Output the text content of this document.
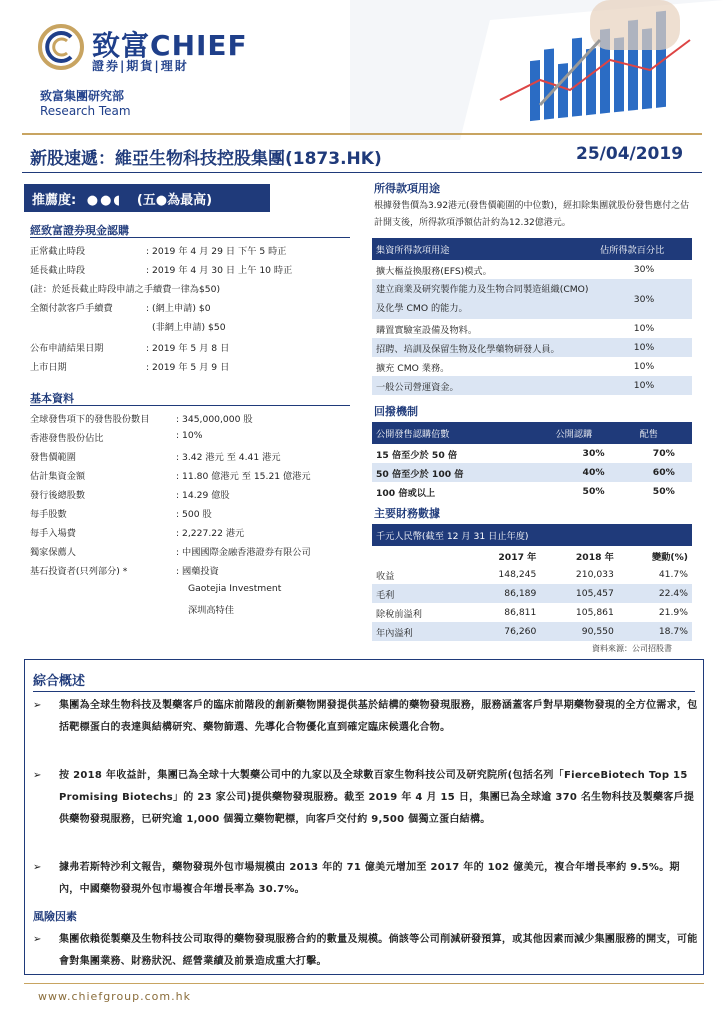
致富CHIEF
證券|期貨|理財
致富集團研究部
Research Team
新股速遞：維亞生物科技控股集團(1873.HK)	25/04/2019
推薦度: ●●◖ (五●為最高)
經致富證券現金認購
正常截止時段	: 2019 年 4 月 29 日 下午 5 時正
延長截止時段	: 2019 年 4 月 30 日 上午 10 時正
(註：於延長截止時段申請之手續費一律為$50)
全額付款客戶手續費	: (網上申請) $0
(非網上申請) $50
公布申請結果日期	: 2019 年 5 月 8 日
上市日期	: 2019 年 5 月 9 日
基本資料
全球發售項下的發售股份數目	: 345,000,000 股
香港發售股份佔比	: 10%
發售價範圍	: 3.42 港元 至 4.41 港元
估計集資金額	: 11.80 億港元 至 15.21 億港元
發行後總股數	: 14.29 億股
每手股數	: 500 股
每手入場費	: 2,227.22 港元
獨家保薦人	: 中國國際金融香港證券有限公司
基石投資者(只列部分) *	: 國藥投資
Gaotejia Investment
深圳高特佳
所得款項用途
根據發售價為3.92港元(發售價範圍的中位數)，經扣除集團就股份發售應付之估計開支後，所得款項淨額估計約為12.32億港元。
集資所得款項用途	佔所得款百分比
擴大樞益換服務(EFS)模式。	30%
建立商業及研究製作能力及生物合同製造組織(CMO)及化學 CMO 的能力。	30%
購置實驗室設備及物料。	10%
招聘、培訓及保留生物及化學藥物研發人員。	10%
擴充 CMO 業務。	10%
一般公司營運資金。	10%
回撥機制
公開發售認購倍數	公開認購	配售
15 倍至少於 50 倍	30%	70%
50 倍至少於 100 倍	40%	60%
100 倍或以上	50%	50%
主要財務數據
千元人民幣(截至 12 月 31 日止年度)			
	2017 年	2018 年	變動(%)
收益	148,245	210,033	41.7%
毛利	86,189	105,457	22.4%
除稅前溢利	86,811	105,861	21.9%
年內溢利	76,260	90,550	18.7%
資料來源：公司招股書
綜合概述
➢ 集團為全球生物科技及製藥客戶的臨床前階段的創新藥物開發提供基於結構的藥物發現服務，服務涵蓋客戶對早期藥物發現的全方位需求，包括靶標蛋白的表達與結構研究、藥物篩選、先導化合物優化直到確定臨床候選化合物。
➢ 按 2018 年收益計，集團已為全球十大製藥公司中的九家以及全球數百家生物科技公司及研究院所(包括名列「FierceBiotech Top 15 Promising Biotechs」的 23 家公司)提供藥物發現服務。截至 2019 年 4 月 15 日，集團已為全球逾 370 名生物科技及製藥客戶提供藥物發現服務，已研究逾 1,000 個獨立藥物靶標，向客戶交付約 9,500 個獨立蛋白結構。
➢ 據弗若斯特沙利文報告，藥物發現外包市場規模由 2013 年的 71 億美元增加至 2017 年的 102 億美元，複合年增長率約 9.5%。期內，中國藥物發現外包市場複合年增長率為 30.7%。
風險因素
➢ 集團依賴從製藥及生物科技公司取得的藥物發現服務合約的數量及規模。倘該等公司削減研發預算，或其他因素而減少集團服務的開支，可能會對集團業務、財務狀況、經營業績及前景造成重大打擊。
www.chiefgroup.com.hk
